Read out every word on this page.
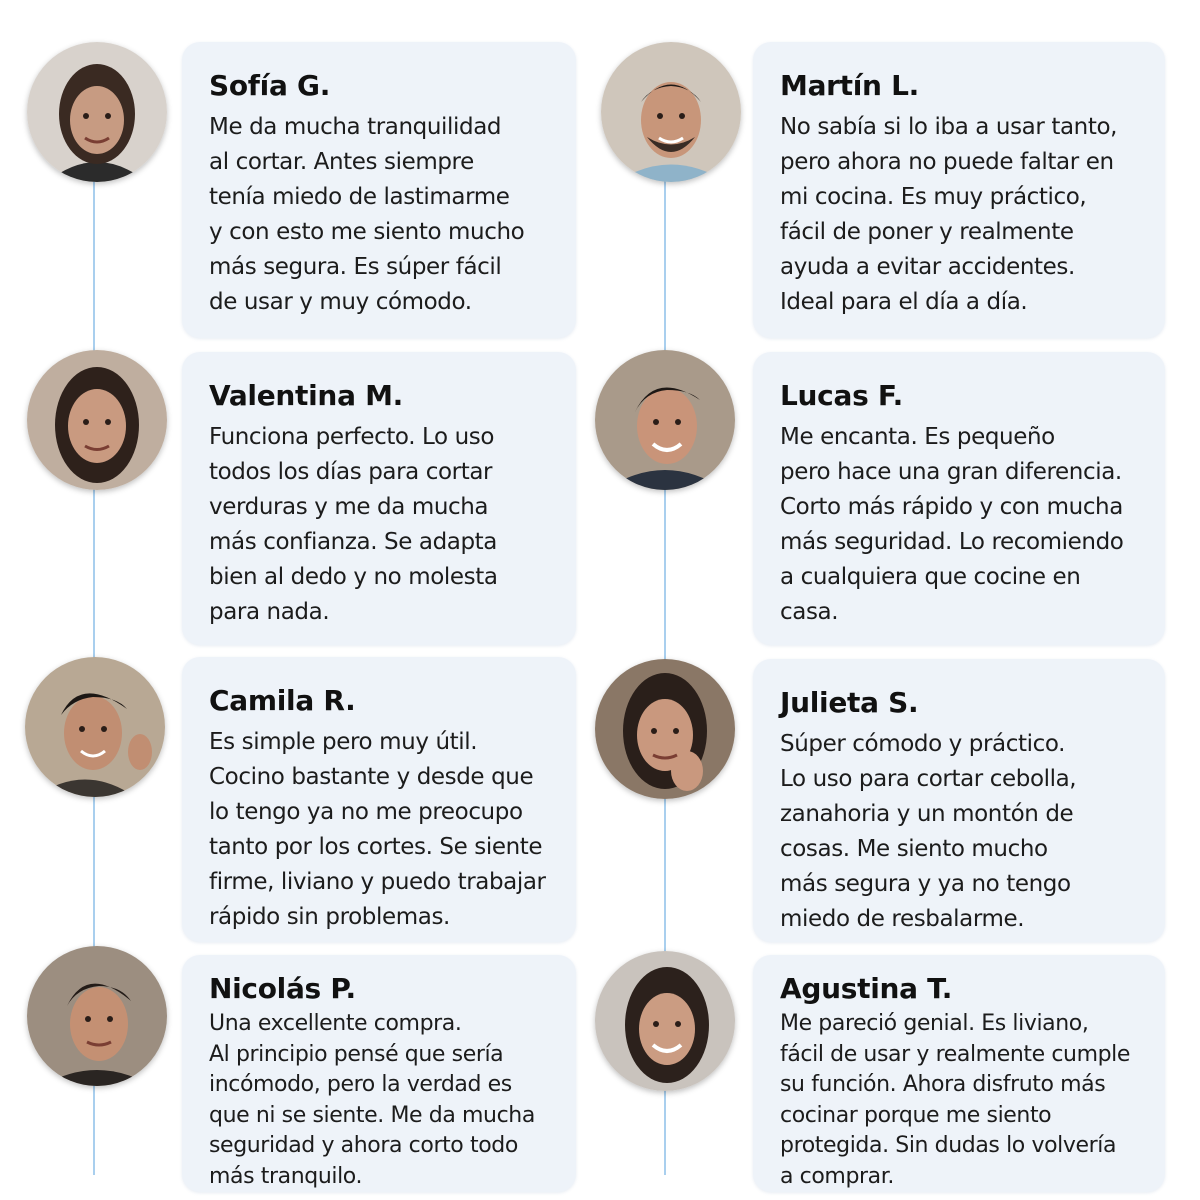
Sofía G.
Me da mucha tranquilidad
al cortar. Antes siempre
tenía miedo de lastimarme
y con esto me siento mucho
más segura. Es súper fácil
de usar y muy cómodo.
Martín L.
No sabía si lo iba a usar tanto,
pero ahora no puede faltar en
mi cocina. Es muy práctico,
fácil de poner y realmente
ayuda a evitar accidentes.
Ideal para el día a día.
Valentina M.
Funciona perfecto. Lo uso
todos los días para cortar
verduras y me da mucha
más confianza. Se adapta
bien al dedo y no molesta
para nada.
Lucas F.
Me encanta. Es pequeño
pero hace una gran diferencia.
Corto más rápido y con mucha
más seguridad. Lo recomiendo
a cualquiera que cocine en
casa.
Camila R.
Es simple pero muy útil.
Cocino bastante y desde que
lo tengo ya no me preocupo
tanto por los cortes. Se siente
firme, liviano y puedo trabajar
rápido sin problemas.
Julieta S.
Súper cómodo y práctico.
Lo uso para cortar cebolla,
zanahoria y un montón de
cosas. Me siento mucho
más segura y ya no tengo
miedo de resbalarme.
Nicolás P.
Una excellente compra.
Al principio pensé que sería
incómodo, pero la verdad es
que ni se siente. Me da mucha
seguridad y ahora corto todo
más tranquilo.
Agustina T.
Me pareció genial. Es liviano,
fácil de usar y realmente cumple
su función. Ahora disfruto más
cocinar porque me siento
protegida. Sin dudas lo volvería
a comprar.
